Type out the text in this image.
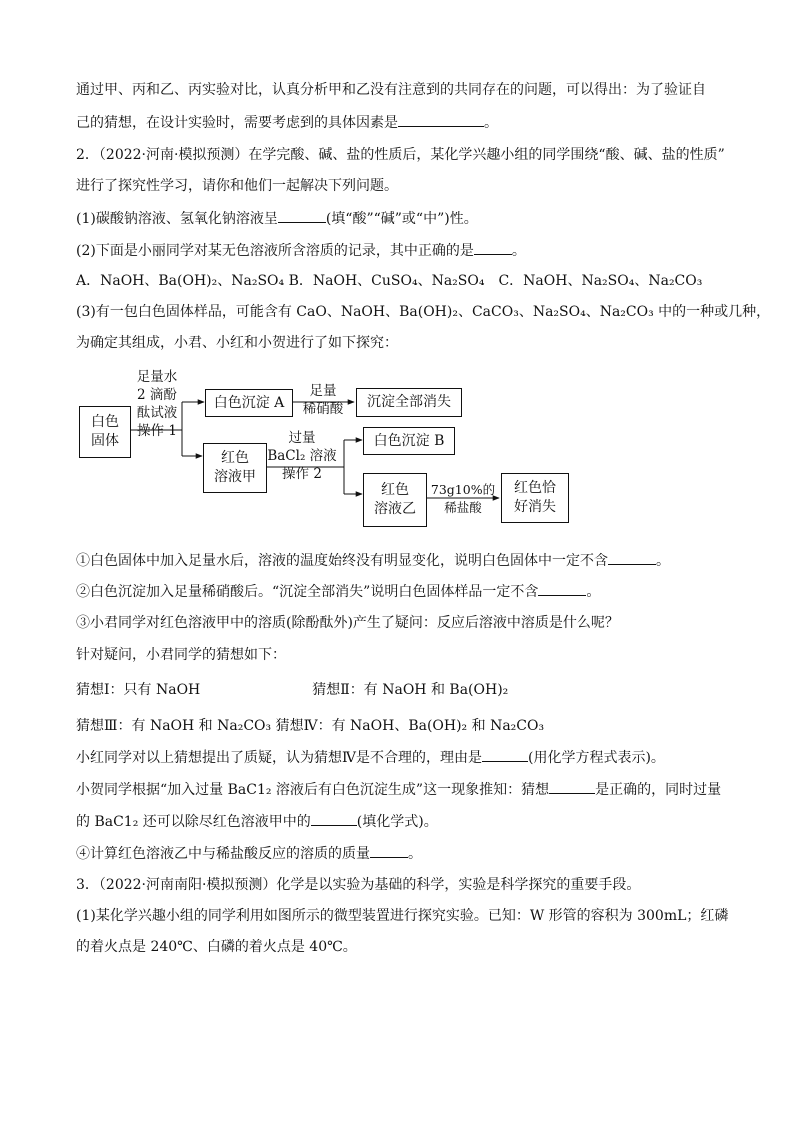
通过甲、丙和乙、丙实验对比，认真分析甲和乙没有注意到的共同存在的问题，可以得出：为了验证自
己的猜想，在设计实验时，需要考虑到的具体因素是	。
2．（2022·河南·模拟预测）在学完酸、碱、盐的性质后，某化学兴趣小组的同学围绕“酸、碱、盐的性质”
进行了探究性学习，请你和他们一起解决下列问题。
(1)碳酸钠溶液、氢氧化钠溶液呈	(填“酸”“碱”或“中”)性。
(2)下面是小丽同学对某无色溶液所含溶质的记录，其中正确的是	。
A．NaOH、Ba(OH)₂、Na₂SO₄ B．NaOH、CuSO₄、Na₂SO₄　C．NaOH、Na₂SO₄、Na₂CO₃
(3)有一包白色固体样品，可能含有 CaO、NaOH、Ba(OH)₂、CaCO₃、Na₂SO₄、Na₂CO₃ 中的一种或几种，
为确定其组成，小君、小红和小贺进行了如下探究：
白色
固体
足量水
2 滴酚
酞试液
操作 1
白色沉淀 A
足量
稀硝酸	沉淀全部消失
红色
溶液甲
过量
BaCl₂ 溶液
操作 2
白色沉淀 B
红色
溶液乙
73g10%的
稀盐酸
红色恰
好消失
①白色固体中加入足量水后，溶液的温度始终没有明显变化，说明白色固体中一定不含	。
②白色沉淀加入足量稀硝酸后。“沉淀全部消失”说明白色固体样品一定不含	。
③小君同学对红色溶液甲中的溶质(除酚酞外)产生了疑问：反应后溶液中溶质是什么呢？
针对疑问，小君同学的猜想如下：
猜想Ⅰ：只有 NaOH	猜想Ⅱ：有 NaOH 和 Ba(OH)₂
猜想Ⅲ：有 NaOH 和 Na₂CO₃ 猜想Ⅳ：有 NaOH、Ba(OH)₂ 和 Na₂CO₃
小红同学对以上猜想提出了质疑，认为猜想Ⅳ是不合理的，理由是	(用化学方程式表示)。
小贺同学根据“加入过量 BaC1₂ 溶液后有白色沉淀生成”这一现象推知：猜想	是正确的，同时过量
的 BaC1₂ 还可以除尽红色溶液甲中的	(填化学式)。
④计算红色溶液乙中与稀盐酸反应的溶质的质量	。
3．（2022·河南南阳·模拟预测）化学是以实验为基础的科学，实验是科学探究的重要手段。
(1)某化学兴趣小组的同学利用如图所示的微型装置进行探究实验。已知：W 形管的容积为 300mL；红磷
的着火点是 240℃、白磷的着火点是 40℃。
